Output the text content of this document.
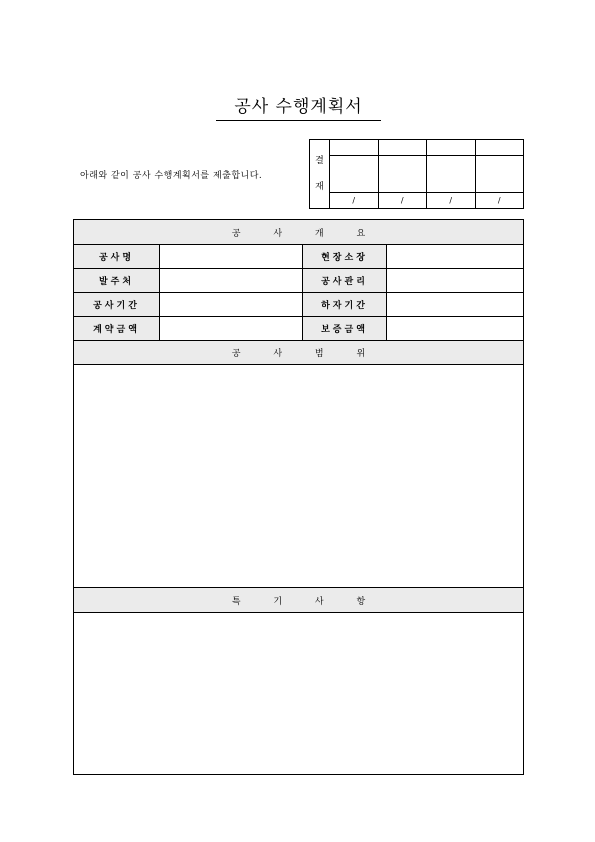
공사 수행계획서
아래와 같이 공사 수행계획서를 제출합니다.
결
재
/	/	/	/
공 사 개 요
공사명	현장소장
발주처	공사관리
공사기간	하자기간
계약금액	보증금액
공 사 범 위
특 기 사 항
